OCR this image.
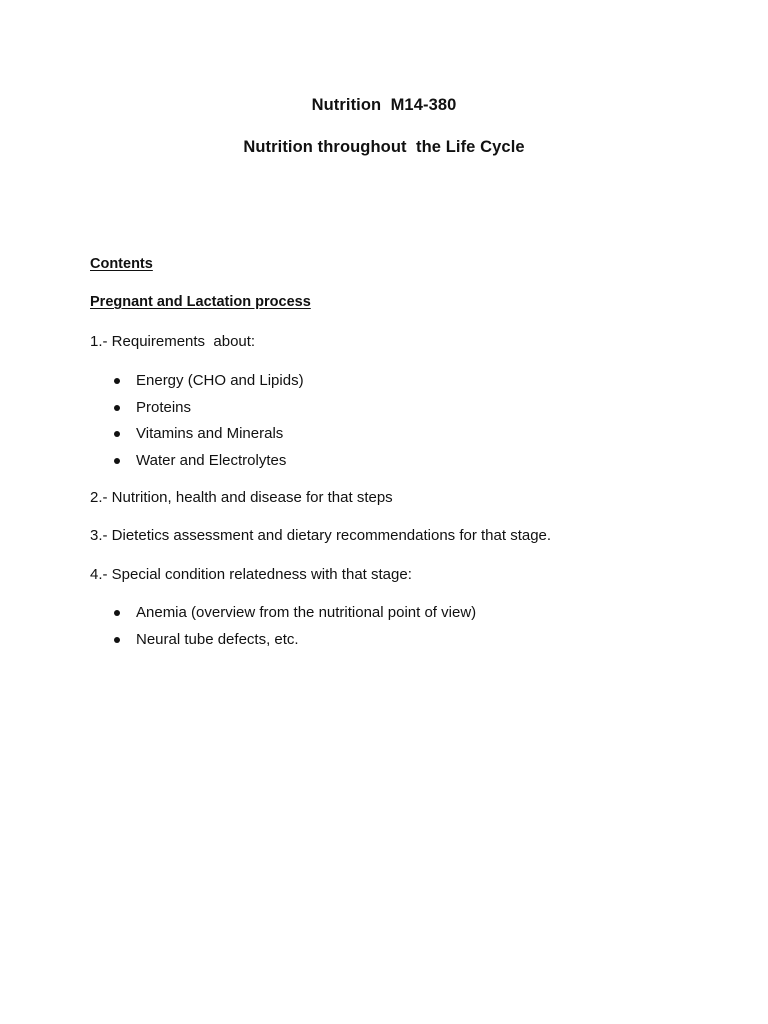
Nutrition  M14-380
Nutrition throughout  the Life Cycle
Contents
Pregnant and Lactation process
1.- Requirements  about:

Energy (CHO and Lipids)

Proteins

Vitamins and Minerals

Water and Electrolytes

2.- Nutrition, health and disease for that steps
3.- Dietetics assessment and dietary recommendations for that stage.
4.- Special condition relatedness with that stage:

Anemia (overview from the nutritional point of view)

Neural tube defects, etc.
